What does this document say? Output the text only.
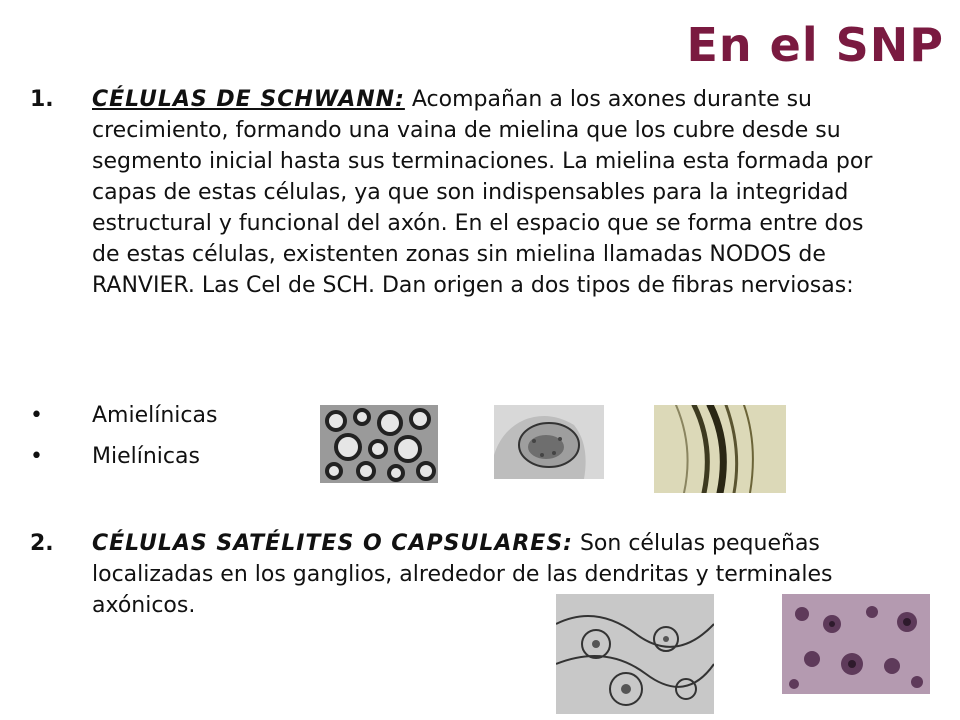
En el SNP
1. CÉLULAS DE SCHWANN: Acompañan a los axones durante su crecimiento, formando una vaina de mielina que los cubre desde su segmento inicial hasta sus terminaciones. La mielina esta formada por capas de estas células, ya que son indispensables para la integridad estructural y funcional del axón. En el espacio que se forma entre dos de estas células, existenten zonas sin mielina llamadas NODOS de RANVIER. Las Cel de SCH. Dan origen a dos tipos de fibras nerviosas:
• Amielínicas
• Mielínicas
2. CÉLULAS SATÉLITES O CAPSULARES: Son células pequeñas localizadas en los ganglios, alrededor de las dendritas y terminales axónicos.
